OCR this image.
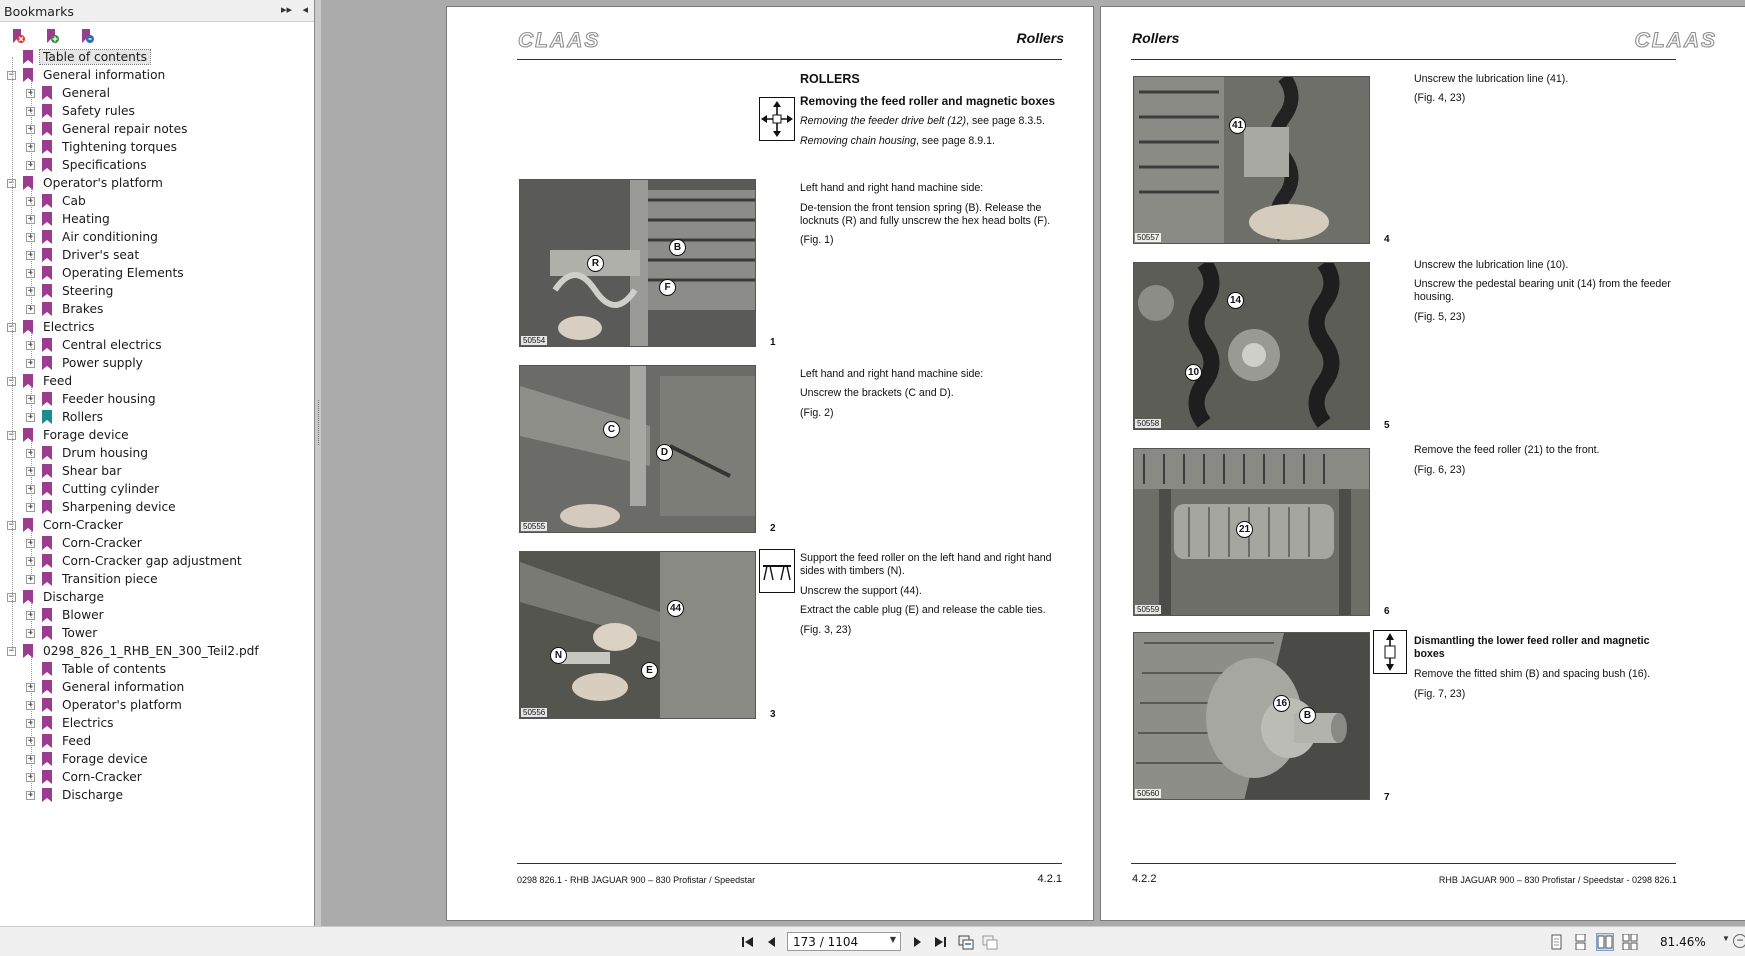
Bookmarks	▸▸ ◂
Table of contents
− General information
+ General
+ Safety rules
+ General repair notes
+ Tightening torques
+ Specifications
− Operator's platform
+ Cab
+ Heating
+ Air conditioning
+ Driver's seat
+ Operating Elements
+ Steering
+ Brakes
− Electrics
+ Central electrics
+ Power supply
− Feed
+ Feeder housing
+ Rollers
− Forage device
+ Drum housing
+ Shear bar
+ Cutting cylinder
+ Sharpening device
− Corn-Cracker
+ Corn-Cracker
+ Corn-Cracker gap adjustment
+ Transition piece
− Discharge
+ Blower
+ Tower
− 0298_826_1_RHB_EN_300_Teil2.pdf
Table of contents
+ General information
+ Operator's platform
+ Electrics
+ Feed
+ Forage device
+ Corn-Cracker
+ Discharge
CLAAS	Rollers
ROLLERS
Removing the feed roller and magnetic boxes
Removing the feeder drive belt (12), see page 8.3.5.
Removing chain housing, see page 8.9.1.
50554
B
R
F
1
Left hand and right hand machine side:
De-tension the front tension spring (B). Release the locknuts (R) and fully unscrew the hex head bolts (F).
(Fig. 1)
50555
C
D
2
Left hand and right hand machine side:
Unscrew the brackets (C and D).
(Fig. 2)
50556
44
N
E
3
Support the feed roller on the left hand and right hand sides with timbers (N).
Unscrew the support (44).
Extract the cable plug (E) and release the cable ties.
(Fig. 3, 23)
0298 826.1 - RHB JAGUAR 900 – 830 Profistar / Speedstar	4.2.1
Rollers	CLAAS
50557
41
4
Unscrew the lubrication line (41).
(Fig. 4, 23)
50558
14
10
5
Unscrew the lubrication line (10).
Unscrew the pedestal bearing unit (14) from the feeder housing.
(Fig. 5, 23)
50559
21
6
Remove the feed roller (21) to the front.
(Fig. 6, 23)
50560
16
B
7
Dismantling the lower feed roller and magnetic boxes
Remove the fitted shim (B) and spacing bush (16).
(Fig. 7, 23)
4.2.2	RHB JAGUAR 900 – 830 Profistar / Speedstar - 0298 826.1
173 / 1104	▼	81.46% ▼ −
